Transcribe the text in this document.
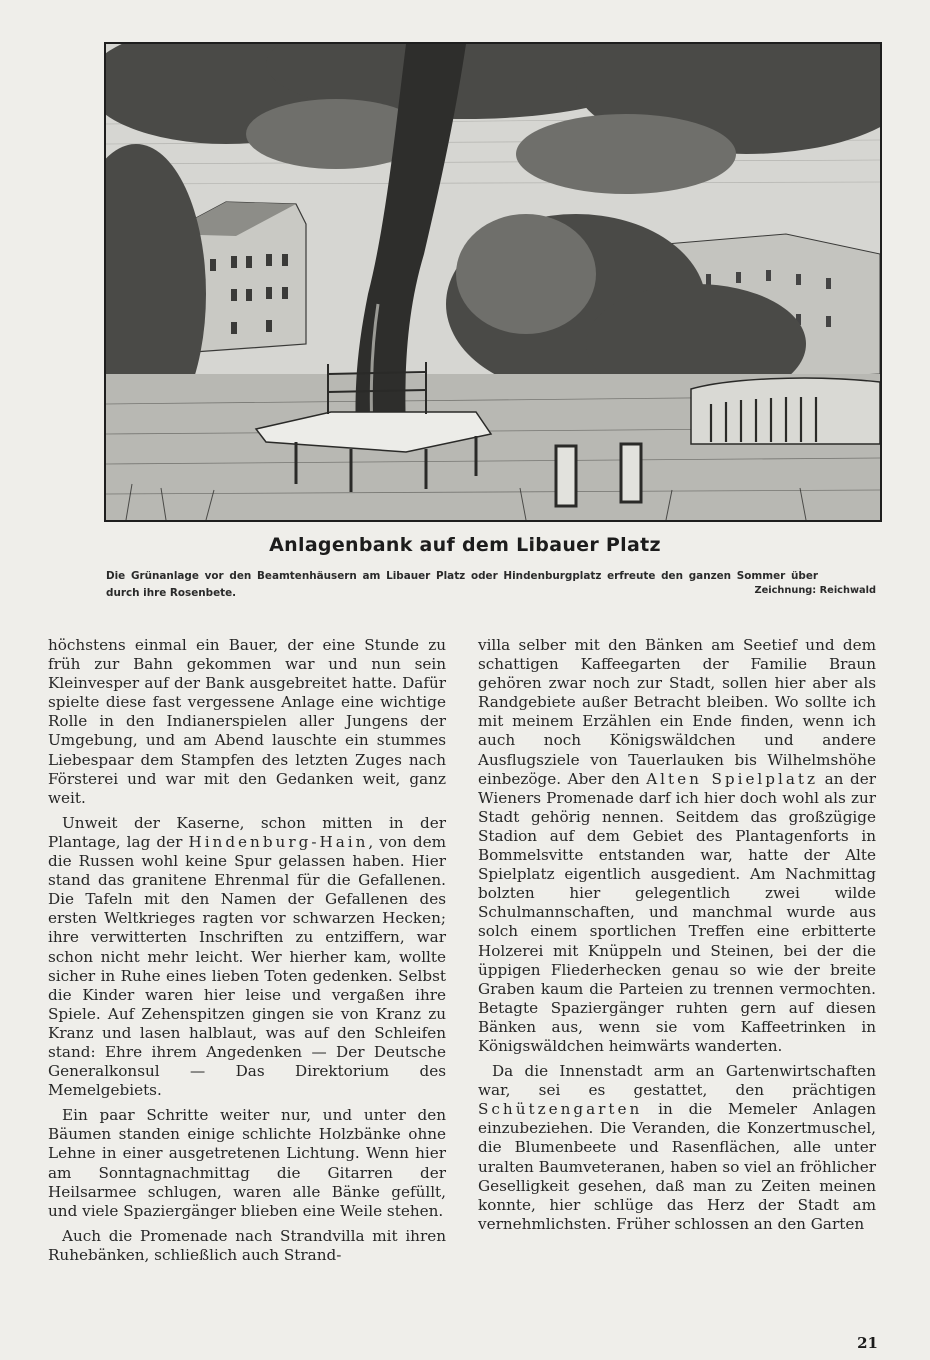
Anlagenbank auf dem Libauer Platz
Die Grünanlage vor den Beamtenhäusern am Libauer Platz oder Hindenburgplatz erfreute den ganzen Sommer über durch ihre Rosenbete.	Zeichnung: Reichwald

höchstens einmal ein Bauer, der eine Stunde zu früh zur Bahn gekommen war und nun sein Kleinvesper auf der Bank ausgebreitet hatte. Dafür spielte diese fast vergessene Anlage eine wichtige Rolle in den Indianerspielen aller Jungens der Umgebung, und am Abend lauschte ein stummes Liebespaar dem Stampfen des letzten Zuges nach Försterei und war mit den Gedanken weit, ganz weit.

Unweit der Kaserne, schon mitten in der Plantage, lag der Hindenburg-Hain, von dem die Russen wohl keine Spur gelassen haben. Hier stand das granitene Ehrenmal für die Gefallenen. Die Tafeln mit den Namen der Gefallenen des ersten Weltkrieges ragten vor schwarzen Hecken; ihre verwitterten Inschriften zu entziffern, war schon nicht mehr leicht. Wer hierher kam, wollte sicher in Ruhe eines lieben Toten gedenken. Selbst die Kinder waren hier leise und vergaßen ihre Spiele. Auf Zehenspitzen gingen sie von Kranz zu Kranz und lasen halblaut, was auf den Schleifen stand: Ehre ihrem Angedenken — Der Deutsche Generalkonsul — Das Direktorium des Memelgebiets.

Ein paar Schritte weiter nur, und unter den Bäumen standen einige schlichte Holzbänke ohne Lehne in einer ausgetretenen Lichtung. Wenn hier am Sonntagnachmittag die Gitarren der Heilsarmee schlugen, waren alle Bänke gefüllt, und viele Spaziergänger blieben eine Weile stehen.

Auch die Promenade nach Strandvilla mit ihren Ruhebänken, schließlich auch Strand-

villa selber mit den Bänken am Seetief und dem schattigen Kaffeegarten der Familie Braun gehören zwar noch zur Stadt, sollen hier aber als Randgebiete außer Betracht bleiben. Wo sollte ich mit meinem Erzählen ein Ende finden, wenn ich auch noch Königswäldchen und andere Ausflugsziele von Tauerlauken bis Wilhelmshöhe einbezöge. Aber den Alten Spielplatz an der Wieners Promenade darf ich hier doch wohl als zur Stadt gehörig nennen. Seitdem das großzügige Stadion auf dem Gebiet des Plantagenforts in Bommelsvitte entstanden war, hatte der Alte Spielplatz eigentlich ausgedient. Am Nachmittag bolzten hier gelegentlich zwei wilde Schulmannschaften, und manchmal wurde aus solch einem sportlichen Treffen eine erbitterte Holzerei mit Knüppeln und Steinen, bei der die üppigen Fliederhecken genau so wie der breite Graben kaum die Parteien zu trennen vermochten. Betagte Spaziergänger ruhten gern auf diesen Bänken aus, wenn sie vom Kaffeetrinken in Königswäldchen heimwärts wanderten.

Da die Innenstadt arm an Gartenwirtschaften war, sei es gestattet, den prächtigen Schützengarten in die Memeler Anlagen einzubeziehen. Die Veranden, die Konzertmuschel, die Blumenbeete und Rasenflächen, alle unter uralten Baumveteranen, haben so viel an fröhlicher Geselligkeit gesehen, daß man zu Zeiten meinen konnte, hier schlüge das Herz der Stadt am vernehmlichsten. Früher schlossen an den Garten

21
